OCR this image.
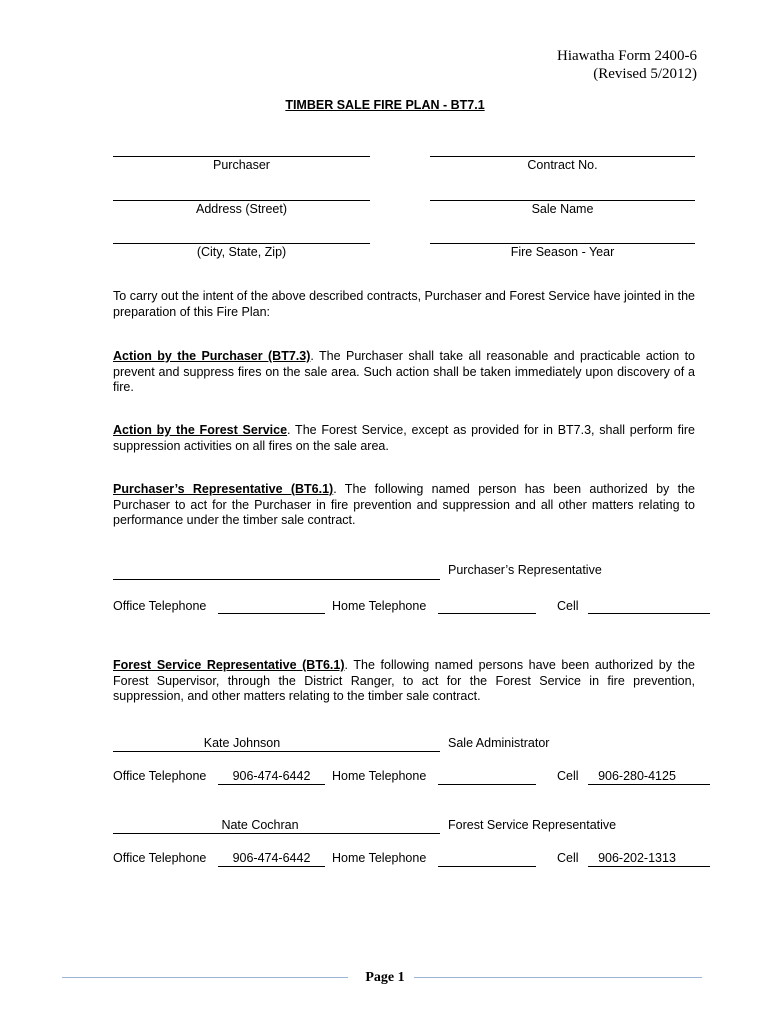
Hiawatha Form 2400-6
(Revised 5/2012)
TIMBER SALE FIRE PLAN - BT7.1
Purchaser	Contract No.
Address (Street)	Sale Name
(City, State, Zip)	Fire Season - Year
To carry out the intent of the above described contracts, Purchaser and Forest Service have jointed in the preparation of this Fire Plan:
Action by the Purchaser (BT7.3). The Purchaser shall take all reasonable and practicable action to prevent and suppress fires on the sale area. Such action shall be taken immediately upon discovery of a fire.
Action by the Forest Service. The Forest Service, except as provided for in BT7.3, shall perform fire suppression activities on all fires on the sale area.
Purchaser’s Representative (BT6.1). The following named person has been authorized by the Purchaser to act for the Purchaser in fire prevention and suppression and all other matters relating to performance under the timber sale contract.
Purchaser’s Representative
Office Telephone	Home Telephone	Cell
Forest Service Representative (BT6.1). The following named persons have been authorized by the Forest Supervisor, through the District Ranger, to act for the Forest Service in fire prevention, suppression, and other matters relating to the timber sale contract.
Kate Johnson	Sale Administrator
Office Telephone	906-474-6442	Home Telephone	Cell	906-280-4125
Nate Cochran	Forest Service Representative
Office Telephone	906-474-6442	Home Telephone	Cell	906-202-1313
Page 1
